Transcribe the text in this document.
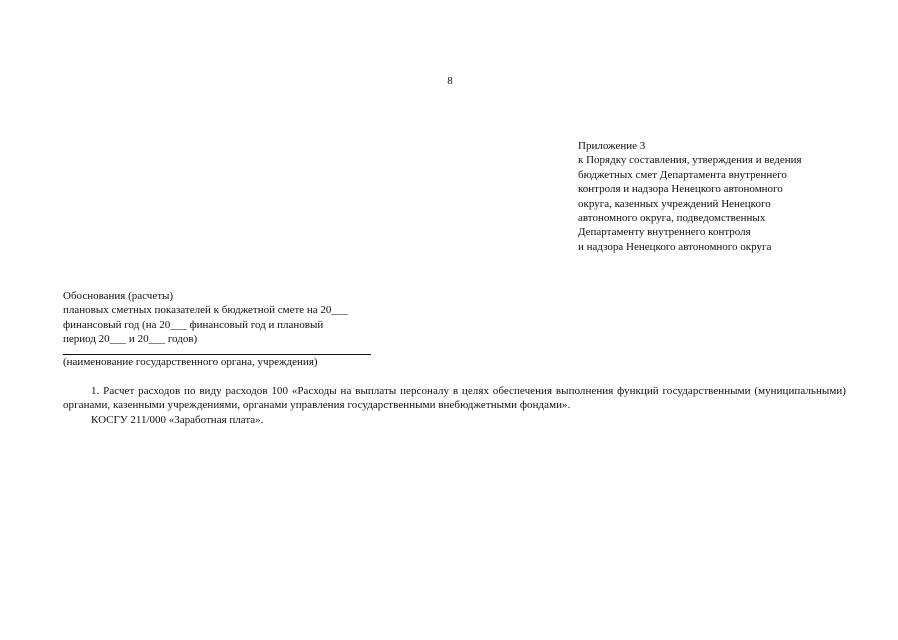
8
Приложение 3
к Порядку составления, утверждения и ведения
бюджетных смет Департамента внутреннего
контроля и надзора Ненецкого автономного
округа, казенных учреждений Ненецкого
автономного округа, подведомственных
Департаменту внутреннего контроля
и надзора Ненецкого автономного округа
Обоснования (расчеты)
плановых сметных показателей к бюджетной смете на 20___
финансовый год (на 20___ финансовый год и плановый
период 20___ и 20___ годов)
(наименование государственного органа, учреждения)

1. Расчет расходов по виду расходов 100 «Расходы на выплаты персоналу в целях обеспечения выполнения функций государственными (муниципальными) органами, казенными учреждениями, органами управления государственными внебюджетными фондами».

КОСГУ 211/000 «Заработная плата».
